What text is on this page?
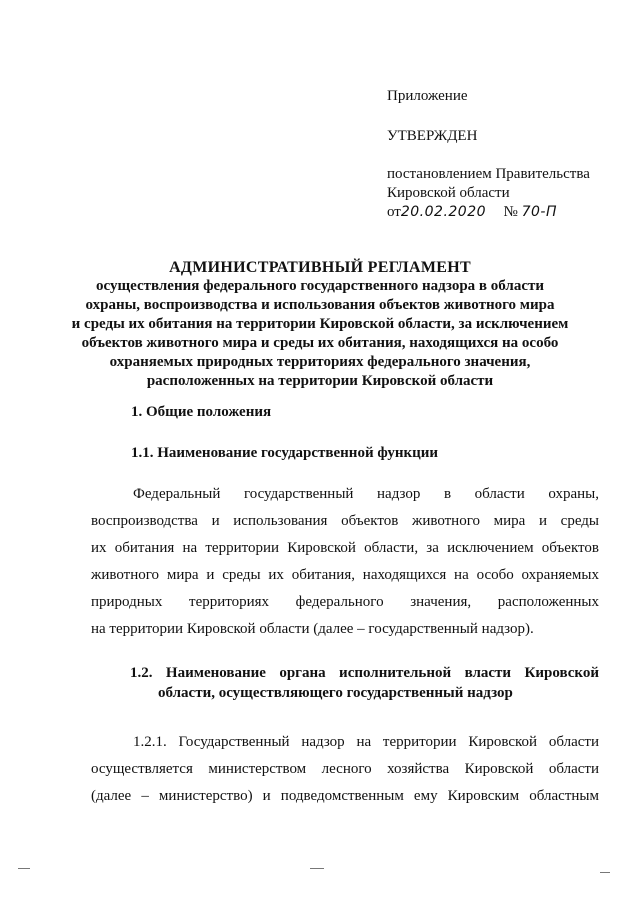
Приложение
УТВЕРЖДЕН
постановлением Правительства
Кировской области
от20.02.2020 № 70-П
АДМИНИСТРАТИВНЫЙ РЕГЛАМЕНТ
осуществления федерального государственного надзора в области
охраны, воспроизводства и использования объектов животного мира
и среды их обитания на территории Кировской области, за исключением
объектов животного мира и среды их обитания, находящихся на особо
охраняемых природных территориях федерального значения,
расположенных на территории Кировской области
1. Общие положения
1.1. Наименование государственной функции
Федеральный государственный надзор в области охраны,
воспроизводства и использования объектов животного мира и среды
их обитания на территории Кировской области, за исключением объектов
животного мира и среды их обитания, находящихся на особо охраняемых
природных территориях федерального значения, расположенных
на территории Кировской области (далее – государственный надзор).
1.2. Наименование органа исполнительной власти Кировской
области, осуществляющего государственный надзор
1.2.1. Государственный надзор на территории Кировской области
осуществляется министерством лесного хозяйства Кировской области
(далее – министерство) и подведомственным ему Кировским областным
